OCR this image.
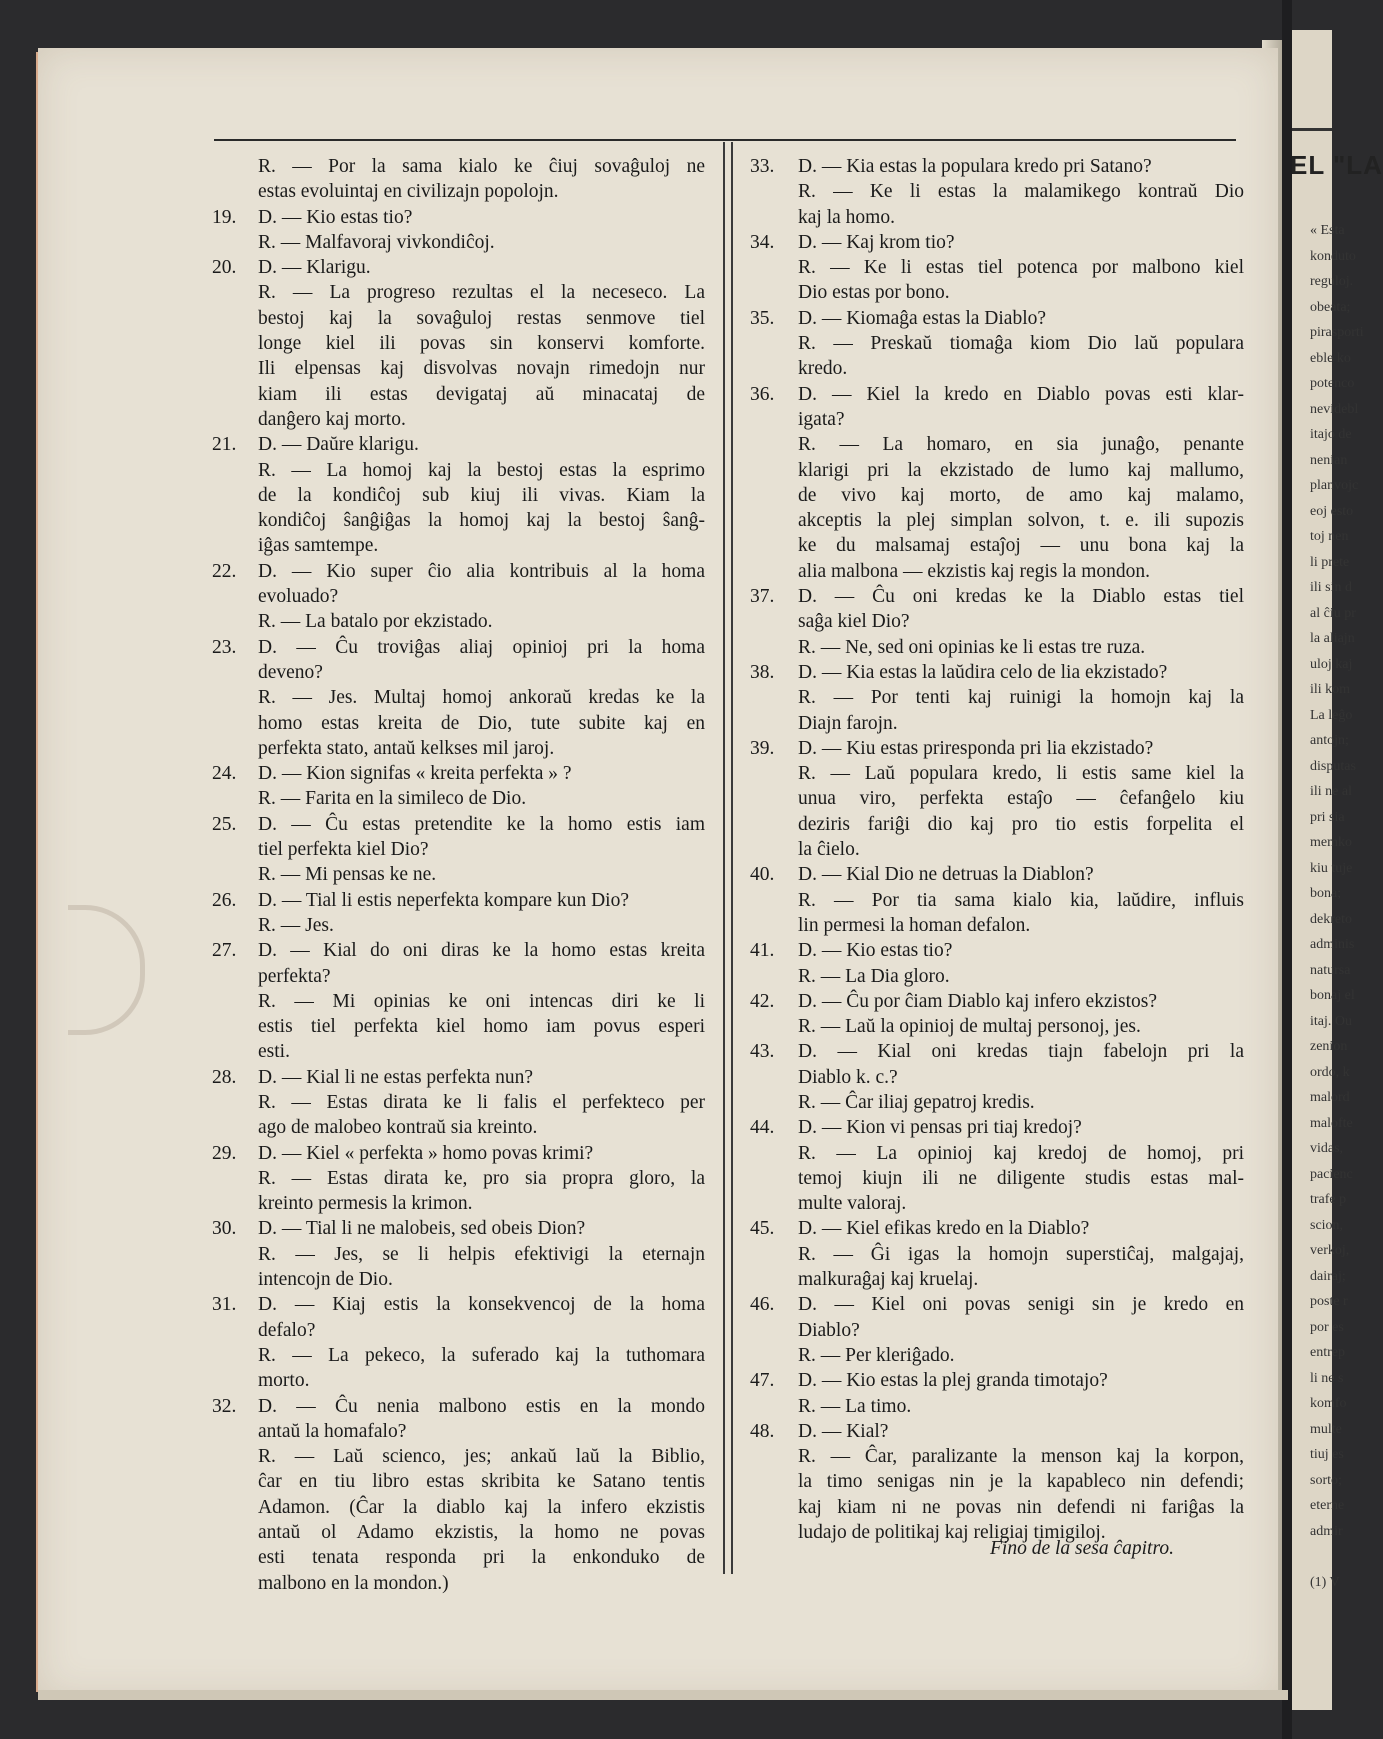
EL "LA
« Esta
konduto
reguloj.
obeata;
pirasporti
eble ko
potenco
nevidebl
itajo de
nenian
planvojc
eoj esto
toj nen
li prete
ili sin d
al ĉiu pr
la aliajn
uloj kaj
ili kom
La leĝo
antojn;
disputas
ili ne al
pri sia
memko
kiu tuje
bona;
dekreto
adminis
natursa
bonaj el
itaj. Ou
zenion
ordo, k
malord
malofte
vidas,
pacienc
trafe p
scion,
verkoj,
dairaj;
poste r
por es
entrep
li ne s
komfo
multe
tiuj es
sorto;
eterne
admir
(1) V
R. — Por la sama kialo ke ĉiuj sovaĝuloj ne
estas evoluintaj en civilizajn popolojn.
19. D. — Kio estas tio?
R. — Malfavoraj vivkondiĉoj.
20. D. — Klarigu.
R. — La progreso rezultas el la neceseco. La
bestoj kaj la sovaĝuloj restas senmove tiel
longe kiel ili povas sin konservi komforte.
Ili elpensas kaj disvolvas novajn rimedojn nur
kiam ili estas devigataj aŭ minacataj de
danĝero kaj morto.
21. D. — Daŭre klarigu.
R. — La homoj kaj la bestoj estas la esprimo
de la kondiĉoj sub kiuj ili vivas. Kiam la
kondiĉoj ŝanĝiĝas la homoj kaj la bestoj ŝanĝ-
iĝas samtempe.
22. D. — Kio super ĉio alia kontribuis al la homa
evoluado?
R. — La batalo por ekzistado.
23. D. — Ĉu troviĝas aliaj opinioj pri la homa
deveno?
R. — Jes. Multaj homoj ankoraŭ kredas ke la
homo estas kreita de Dio, tute subite kaj en
perfekta stato, antaŭ kelkses mil jaroj.
24. D. — Kion signifas « kreita perfekta » ?
R. — Farita en la simileco de Dio.
25. D. — Ĉu estas pretendite ke la homo estis iam
tiel perfekta kiel Dio?
R. — Mi pensas ke ne.
26. D. — Tial li estis neperfekta kompare kun Dio?
R. — Jes.
27. D. — Kial do oni diras ke la homo estas kreita
perfekta?
R. — Mi opinias ke oni intencas diri ke li
estis tiel perfekta kiel homo iam povus esperi
esti.
28. D. — Kial li ne estas perfekta nun?
R. — Estas dirata ke li falis el perfekteco per
ago de malobeo kontraŭ sia kreinto.
29. D. — Kiel « perfekta » homo povas krimi?
R. — Estas dirata ke, pro sia propra gloro, la
kreinto permesis la krimon.
30. D. — Tial li ne malobeis, sed obeis Dion?
R. — Jes, se li helpis efektivigi la eternajn
intencojn de Dio.
31. D. — Kiaj estis la konsekvencoj de la homa
defalo?
R. — La pekeco, la suferado kaj la tuthomara
morto.
32. D. — Ĉu nenia malbono estis en la mondo
antaŭ la homafalo?
R. — Laŭ scienco, jes; ankaŭ laŭ la Biblio,
ĉar en tiu libro estas skribita ke Satano tentis
Adamon. (Ĉar la diablo kaj la infero ekzistis
antaŭ ol Adamo ekzistis, la homo ne povas
esti tenata responda pri la enkonduko de
malbono en la mondon.)
33. D. — Kia estas la populara kredo pri Satano?
R. — Ke li estas la malamikego kontraŭ Dio
kaj la homo.
34. D. — Kaj krom tio?
R. — Ke li estas tiel potenca por malbono kiel
Dio estas por bono.
35. D. — Kiomaĝa estas la Diablo?
R. — Preskaŭ tiomaĝa kiom Dio laŭ populara
kredo.
36. D. — Kiel la kredo en Diablo povas esti klar-
igata?
R. — La homaro, en sia junaĝo, penante
klarigi pri la ekzistado de lumo kaj mallumo,
de vivo kaj morto, de amo kaj malamo,
akceptis la plej simplan solvon, t. e. ili supozis
ke du malsamaj estaĵoj — unu bona kaj la
alia malbona — ekzistis kaj regis la mondon.
37. D. — Ĉu oni kredas ke la Diablo estas tiel
saĝa kiel Dio?
R. — Ne, sed oni opinias ke li estas tre ruza.
38. D. — Kia estas la laŭdira celo de lia ekzistado?
R. — Por tenti kaj ruinigi la homojn kaj la
Diajn farojn.
39. D. — Kiu estas priresponda pri lia ekzistado?
R. — Laŭ populara kredo, li estis same kiel la
unua viro, perfekta estaĵo — ĉefanĝelo kiu
deziris fariĝi dio kaj pro tio estis forpelita el
la ĉielo.
40. D. — Kial Dio ne detruas la Diablon?
R. — Por tia sama kialo kia, laŭdire, influis
lin permesi la homan defalon.
41. D. — Kio estas tio?
R. — La Dia gloro.
42. D. — Ĉu por ĉiam Diablo kaj infero ekzistos?
R. — Laŭ la opinioj de multaj personoj, jes.
43. D. — Kial oni kredas tiajn fabelojn pri la
Diablo k. c.?
R. — Ĉar iliaj gepatroj kredis.
44. D. — Kion vi pensas pri tiaj kredoj?
R. — La opinioj kaj kredoj de homoj, pri
temoj kiujn ili ne diligente studis estas mal-
multe valoraj.
45. D. — Kiel efikas kredo en la Diablo?
R. — Ĝi igas la homojn superstiĉaj, malgajaj,
malkuraĝaj kaj kruelaj.
46. D. — Kiel oni povas senigi sin je kredo en
Diablo?
R. — Per kleriĝado.
47. D. — Kio estas la plej granda timotajo?
R. — La timo.
48. D. — Kial?
R. — Ĉar, paralizante la menson kaj la korpon,
la timo senigas nin je la kapableco nin defendi;
kaj kiam ni ne povas nin defendi ni fariĝas la
ludajo de politikaj kaj religiaj timigiloj.
Fino de la sesa ĉapitro.
